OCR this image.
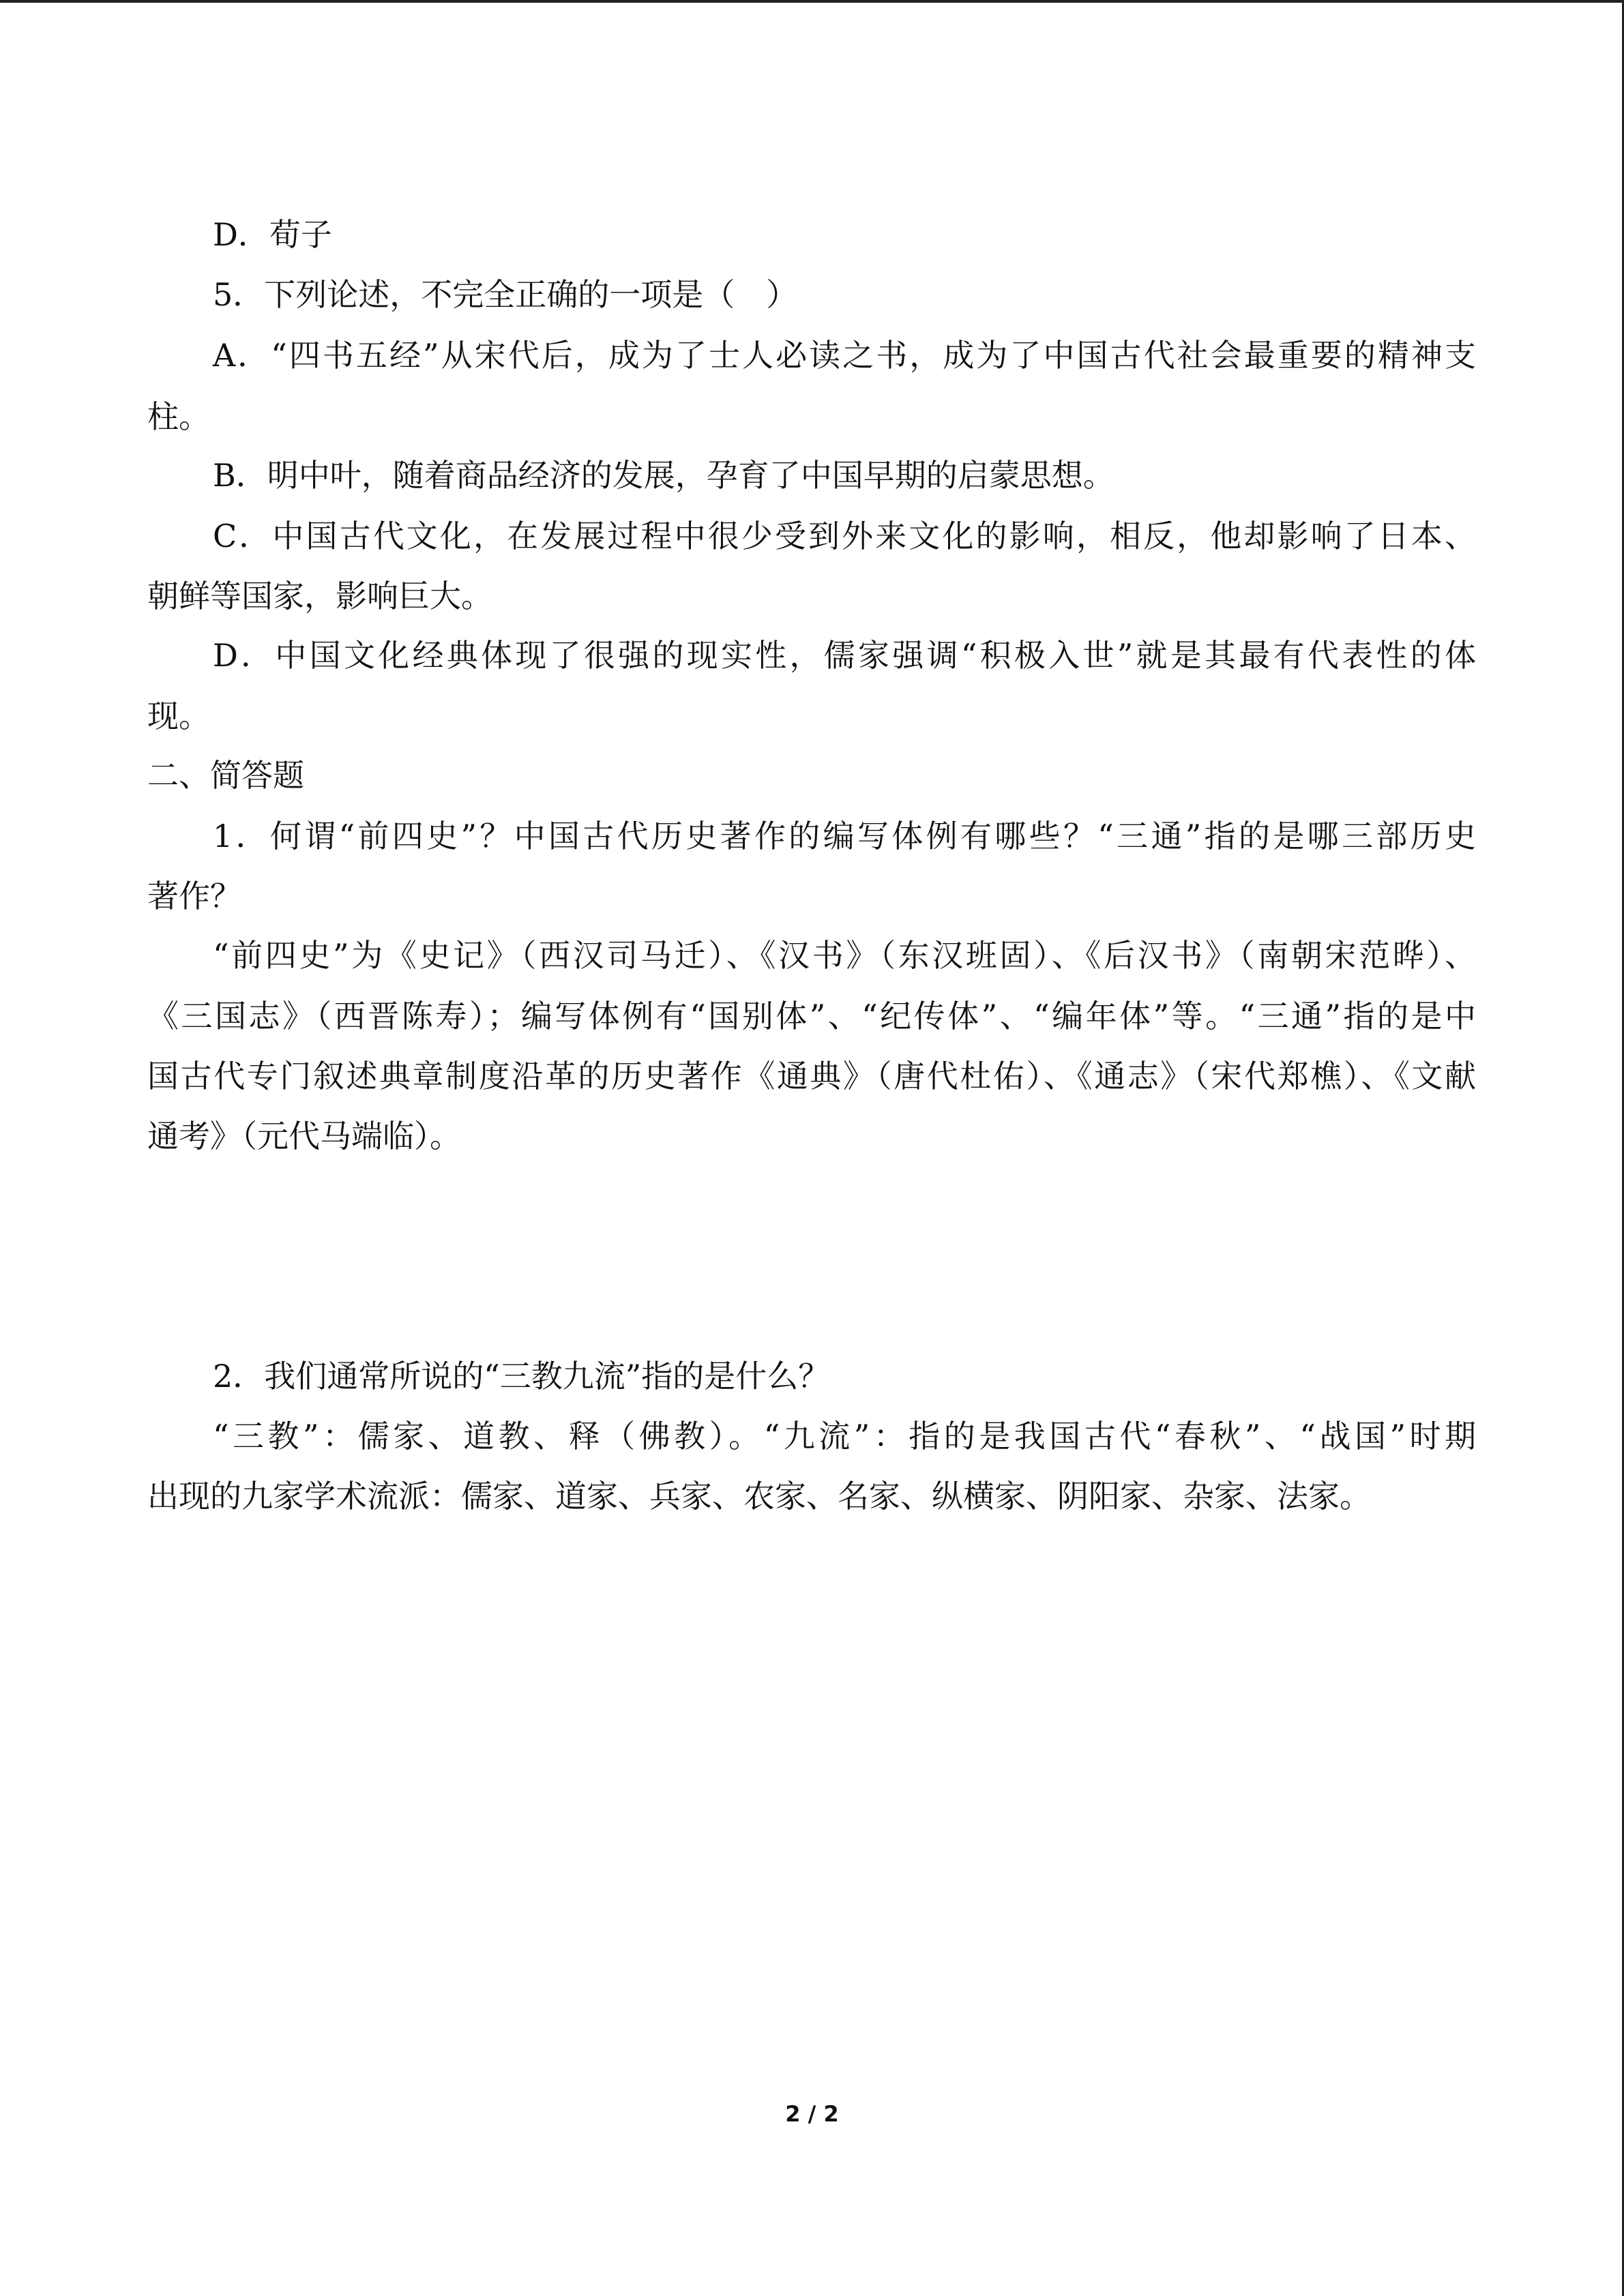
D．荀子
5．下列论述，不完全正确的一项是（　）
A．“四书五经”从宋代后，成为了士人必读之书，成为了中国古代社会最重要的精神支
柱。
B．明中叶，随着商品经济的发展，孕育了中国早期的启蒙思想。
C．中国古代文化，在发展过程中很少受到外来文化的影响，相反，他却影响了日本、
朝鲜等国家，影响巨大。
D．中国文化经典体现了很强的现实性，儒家强调“积极入世”就是其最有代表性的体
现。
二、简答题
1．何谓“前四史”？中国古代历史著作的编写体例有哪些？“三通”指的是哪三部历史
著作？
“前四史”为《史记》（西汉司马迁）、《汉书》（东汉班固）、《后汉书》（南朝宋范晔）、
《三国志》（西晋陈寿）；编写体例有“国别体”、“纪传体”、“编年体”等。“三通”指的是中
国古代专门叙述典章制度沿革的历史著作《通典》（唐代杜佑）、《通志》（宋代郑樵）、《文献
通考》（元代马端临）。
2．我们通常所说的“三教九流”指的是什么？
“三教”：儒家、道教、释（佛教）。“九流”：指的是我国古代“春秋”、“战国”时期
出现的九家学术流派：儒家、道家、兵家、农家、名家、纵横家、阴阳家、杂家、法家。
2 / 2
